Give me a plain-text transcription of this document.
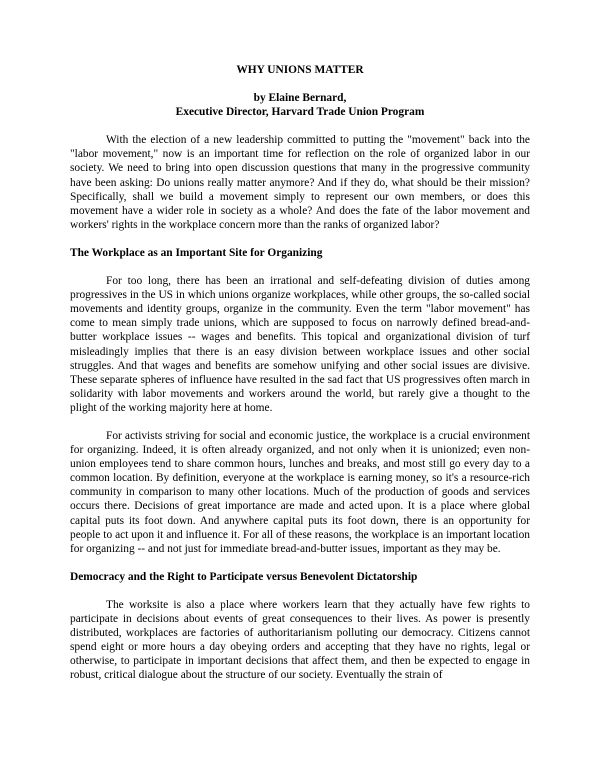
WHY UNIONS MATTER
by Elaine Bernard,
Executive Director, Harvard Trade Union Program

With the election of a new leadership committed to putting the "movement" back into the "labor movement," now is an important time for reflection on the role of organized labor in our society. We need to bring into open discussion questions that many in the progressive community have been asking: Do unions really matter anymore? And if they do, what should be their mission? Specifically, shall we build a movement simply to represent our own members, or does this movement have a wider role in society as a whole? And does the fate of the labor movement and workers' rights in the workplace concern more than the ranks of organized labor?

The Workplace as an Important Site for Organizing

For too long, there has been an irrational and self-defeating division of duties among progressives in the US in which unions organize workplaces, while other groups, the so-called social movements and identity groups, organize in the community. Even the term "labor movement" has come to mean simply trade unions, which are supposed to focus on narrowly defined bread-and-butter workplace issues -- wages and benefits. This topical and organizational division of turf misleadingly implies that there is an easy division between workplace issues and other social struggles. And that wages and benefits are somehow unifying and other social issues are divisive. These separate spheres of influence have resulted in the sad fact that US progressives often march in solidarity with labor movements and workers around the world, but rarely give a thought to the plight of the working majority here at home.

For activists striving for social and economic justice, the workplace is a crucial environment for organizing. Indeed, it is often already organized, and not only when it is unionized; even non-union employees tend to share common hours, lunches and breaks, and most still go every day to a common location. By definition, everyone at the workplace is earning money, so it's a resource-rich community in comparison to many other locations. Much of the production of goods and services occurs there. Decisions of great importance are made and acted upon. It is a place where global capital puts its foot down. And anywhere capital puts its foot down, there is an opportunity for people to act upon it and influence it. For all of these reasons, the workplace is an important location for organizing -- and not just for immediate bread-and-butter issues, important as they may be.

Democracy and the Right to Participate versus Benevolent Dictatorship

The worksite is also a place where workers learn that they actually have few rights to participate in decisions about events of great consequences to their lives. As power is presently distributed, workplaces are factories of authoritarianism polluting our democracy. Citizens cannot spend eight or more hours a day obeying orders and accepting that they have no rights, legal or otherwise, to participate in important decisions that affect them, and then be expected to engage in robust, critical dialogue about the structure of our society. Eventually the strain of
